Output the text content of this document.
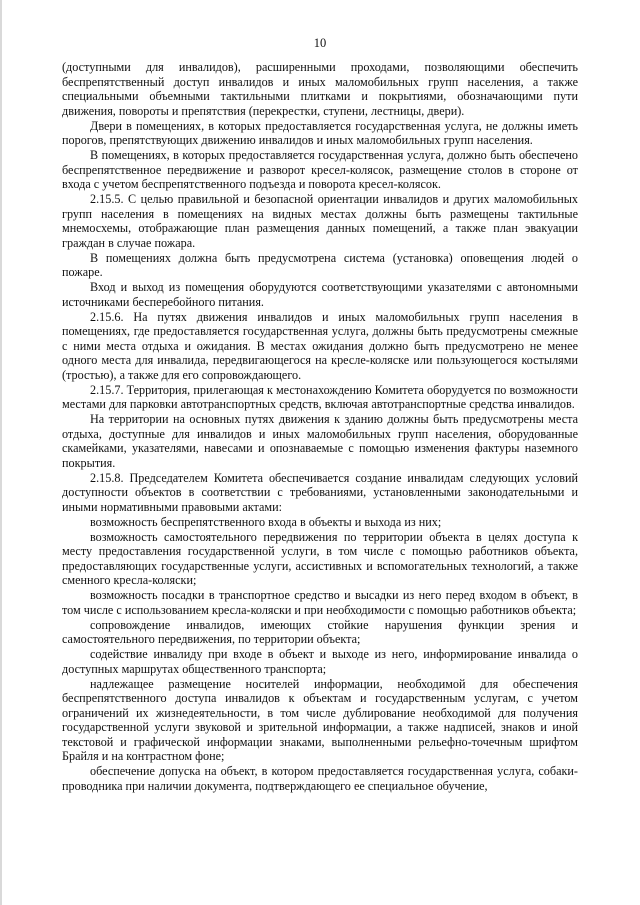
10

(доступными для инвалидов), расширенными проходами, позволяющими обеспечить беспрепятственный доступ инвалидов и иных маломобильных групп населения, а также специальными объемными тактильными плитками и покрытиями, обозначающими пути движения, повороты и препятствия (перекрестки, ступени, лестницы, двери).

Двери в помещениях, в которых предоставляется государственная услуга, не должны иметь порогов, препятствующих движению инвалидов и иных маломобильных групп населения.

В помещениях, в которых предоставляется государственная услуга, должно быть обеспечено беспрепятственное передвижение и разворот кресел-колясок, размещение столов в стороне от входа с учетом беспрепятственного подъезда и поворота кресел-колясок.

2.15.5. С целью правильной и безопасной ориентации инвалидов и других маломобильных групп населения в помещениях на видных местах должны быть размещены тактильные мнемосхемы, отображающие план размещения данных помещений, а также план эвакуации граждан в случае пожара.

В помещениях должна быть предусмотрена система (установка) оповещения людей о пожаре.

Вход и выход из помещения оборудуются соответствующими указателями с автономными источниками бесперебойного питания.

2.15.6. На путях движения инвалидов и иных маломобильных групп населения в помещениях, где предоставляется государственная услуга, должны быть предусмотрены смежные с ними места отдыха и ожидания. В местах ожидания должно быть предусмотрено не менее одного места для инвалида, передвигающегося на кресле-коляске или пользующегося костылями (тростью), а также для его сопровождающего.

2.15.7. Территория, прилегающая к местонахождению Комитета оборудуется по возможности местами для парковки автотранспортных средств, включая автотранспортные средства инвалидов.

На территории на основных путях движения к зданию должны быть предусмотрены места отдыха, доступные для инвалидов и иных маломобильных групп населения, оборудованные скамейками, указателями, навесами и опознаваемые с помощью изменения фактуры наземного покрытия.

2.15.8. Председателем Комитета обеспечивается создание инвалидам следующих условий доступности объектов в соответствии с требованиями, установленными законодательными и иными нормативными правовыми актами:

возможность беспрепятственного входа в объекты и выхода из них;

возможность самостоятельного передвижения по территории объекта в целях доступа к месту предоставления государственной услуги, в том числе с помощью работников объекта, предоставляющих государственные услуги, ассистивных и вспомогательных технологий, а также сменного кресла-коляски;

возможность посадки в транспортное средство и высадки из него перед входом в объект, в том числе с использованием кресла-коляски и при необходимости с помощью работников объекта;

сопровождение инвалидов, имеющих стойкие нарушения функции зрения и самостоятельного передвижения, по территории объекта;

содействие инвалиду при входе в объект и выходе из него, информирование инвалида о доступных маршрутах общественного транспорта;

надлежащее размещение носителей информации, необходимой для обеспечения беспрепятственного доступа инвалидов к объектам и государственным услугам, с учетом ограничений их жизнедеятельности, в том числе дублирование необходимой для получения государственной услуги звуковой и зрительной информации, а также надписей, знаков и иной текстовой и графической информации знаками, выполненными рельефно-точечным шрифтом Брайля и на контрастном фоне;

обеспечение допуска на объект, в котором предоставляется государственная услуга, собаки-проводника при наличии документа, подтверждающего ее специальное обучение,
